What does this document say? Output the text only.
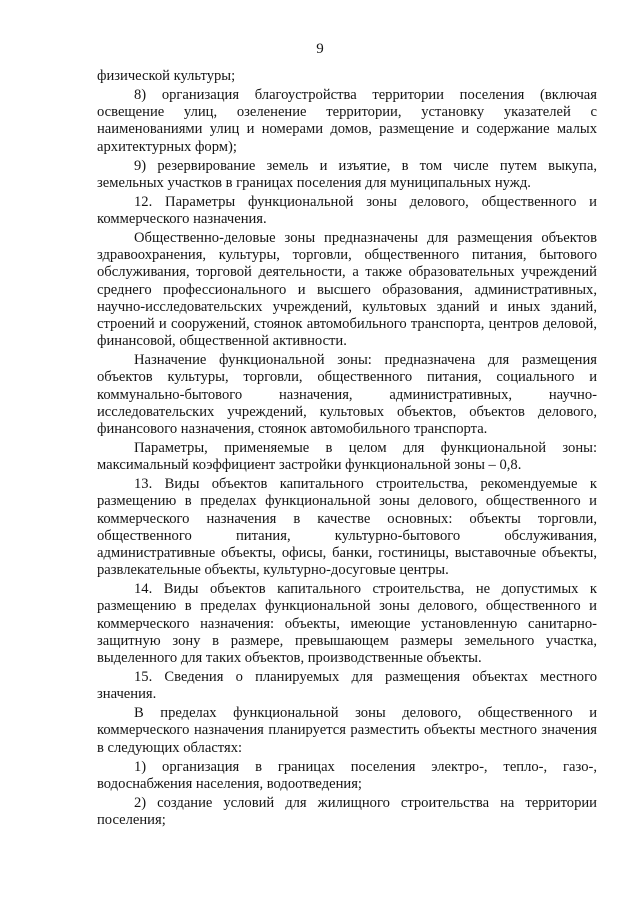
9

физической культуры;

8) организация благоустройства территории поселения (включая освещение улиц, озеленение территории, установку указателей с наименованиями улиц и номерами домов, размещение и содержание малых архитектурных форм);

9) резервирование земель и изъятие, в том числе путем выкупа, земельных участков в границах поселения для муниципальных нужд.

12. Параметры функциональной зоны делового, общественного и коммерческого назначения.

Общественно-деловые зоны предназначены для размещения объектов здравоохранения, культуры, торговли, общественного питания, бытового обслуживания, торговой деятельности, а также образовательных учреждений среднего профессионального и высшего образования, административных, научно-исследовательских учреждений, культовых зданий и иных зданий, строений и сооружений, стоянок автомобильного транспорта, центров деловой, финансовой, общественной активности.

Назначение функциональной зоны: предназначена для размещения объектов культуры, торговли, общественного питания, социального и коммунально-бытового назначения, административных, научно-исследовательских учреждений, культовых объектов, объектов делового, финансового назначения, стоянок автомобильного транспорта.

Параметры, применяемые в целом для функциональной зоны: максимальный коэффициент застройки функциональной зоны – 0,8.

13. Виды объектов капитального строительства, рекомендуемые к размещению в пределах функциональной зоны делового, общественного и коммерческого назначения в качестве основных: объекты торговли, общественного питания, культурно-бытового обслуживания, административные объекты, офисы, банки, гостиницы, выставочные объекты, развлекательные объекты, культурно-досуговые центры.

14. Виды объектов капитального строительства, не допустимых к размещению в пределах функциональной зоны делового, общественного и коммерческого назначения: объекты, имеющие установленную санитарно-защитную зону в размере, превышающем размеры земельного участка, выделенного для таких объектов, производственные объекты.

15. Сведения о планируемых для размещения объектах местного значения.

В пределах функциональной зоны делового, общественного и коммерческого назначения планируется разместить объекты местного значения в следующих областях:

1) организация в границах поселения электро-, тепло-, газо-, водоснабжения населения, водоотведения;

2) создание условий для жилищного строительства на территории поселения;
